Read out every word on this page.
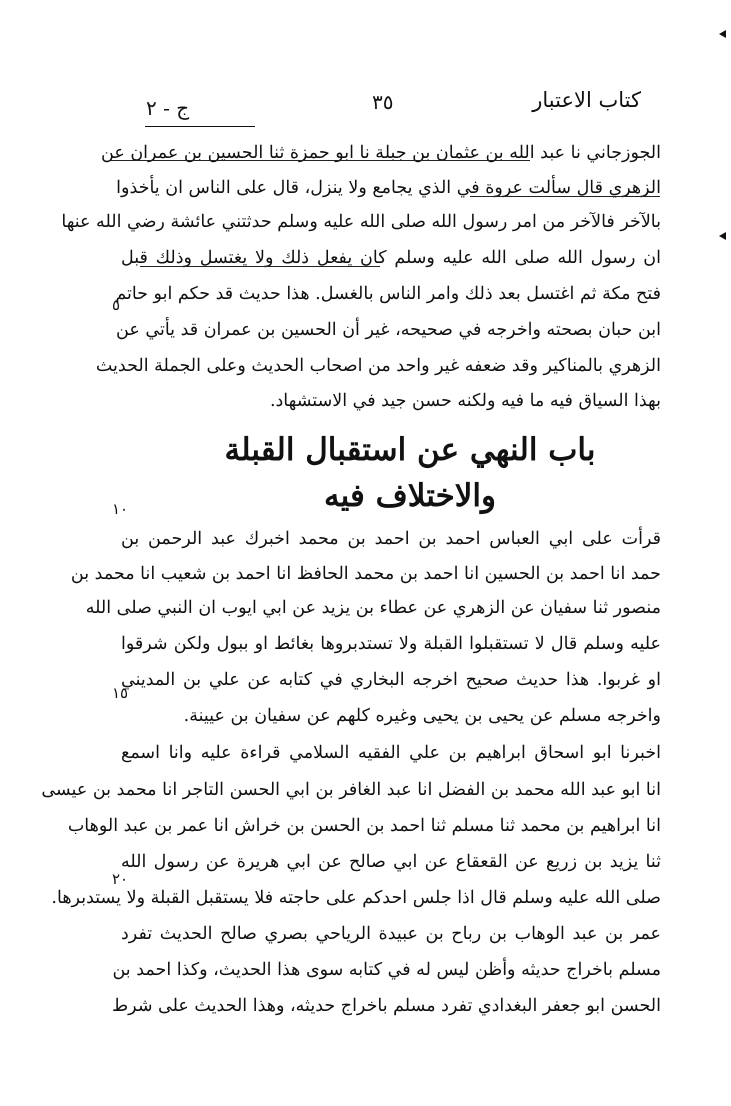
كتاب الاعتبار
٣٥
ج - ٢
الجوزجاني نا عبد الله بن عثمان بن جبلة نا ابو حمزة ثنا الحسين بن عمران عن
الزهري قال سألت عروة في الذي يجامع ولا ينزل، قال على الناس ان يأخذوا
بالآخر فالآخر من امر رسول الله صلى الله عليه وسلم حدثتني عائشة رضي الله عنها
ان رسول الله صلى الله عليه وسلم كان يفعل ذلك ولا يغتسل وذلك قبل
فتح مكة ثم اغتسل بعد ذلك وامر الناس بالغسل. هذا حديث قد حكم ابو حاتم
ابن حبان بصحته واخرجه في صحيحه، غير أن الحسين بن عمران قد يأتي عن
الزهري بالمناكير وقد ضعفه غير واحد من اصحاب الحديث وعلى الجملة الحديث
بهذا السياق فيه ما فيه ولكنه حسن جيد في الاستشهاد.
٥
١٠
١٥
٢٠
باب النهي عن استقبال القبلة
والاختلاف فيه
قرأت على ابي العباس احمد بن احمد بن محمد اخبرك عبد الرحمن بن
حمد انا احمد بن الحسين انا احمد بن محمد الحافظ انا احمد بن شعيب انا محمد بن
منصور ثنا سفيان عن الزهري عن عطاء بن يزيد عن ابي ايوب ان النبي صلى الله
عليه وسلم قال لا تستقبلوا القبلة ولا تستدبروها بغائط او ببول ولكن شرقوا
او غربوا. هذا حديث صحيح اخرجه البخاري في كتابه عن علي بن المديني
واخرجه مسلم عن يحيى بن يحيى وغيره كلهم عن سفيان بن عيينة.
اخبرنا ابو اسحاق ابراهيم بن علي الفقيه السلامي قراءة عليه وانا اسمع
انا ابو عبد الله محمد بن الفضل انا عبد الغافر بن ابي الحسن التاجر انا محمد بن عيسى
انا ابراهيم بن محمد ثنا مسلم ثنا احمد بن الحسن بن خراش انا عمر بن عبد الوهاب
ثنا يزيد بن زريع عن القعقاع عن ابي صالح عن ابي هريرة عن رسول الله
صلى الله عليه وسلم قال اذا جلس احدكم على حاجته فلا يستقبل القبلة ولا يستدبرها.
عمر بن عبد الوهاب بن رباح بن عبيدة الرياحي بصري صالح الحديث تفرد
مسلم باخراج حديثه وأظن ليس له في كتابه سوى هذا الحديث، وكذا احمد بن
الحسن ابو جعفر البغدادي تفرد مسلم باخراج حديثه، وهذا الحديث على شرط
